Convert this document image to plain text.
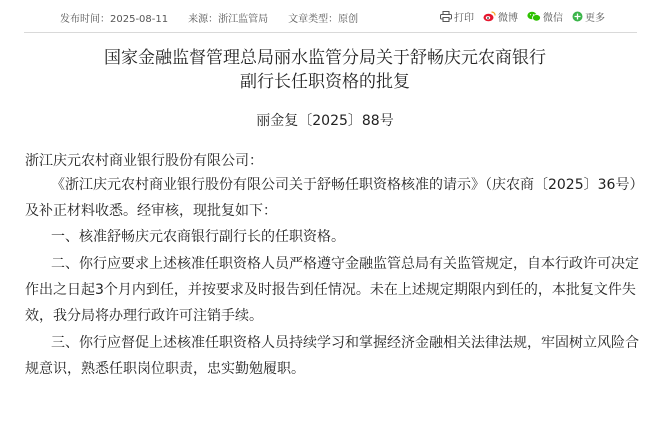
发布时间：2025-08-11 来源：浙江监管局 文章类型：原创	打印 微博	微信 更多
国家金融监督管理总局丽水监管分局关于舒畅庆元农商银行
副行长任职资格的批复
丽金复〔2025〕88号
浙江庆元农村商业银行股份有限公司：
《浙江庆元农村商业银行股份有限公司关于舒畅任职资格核准的请示》（庆农商〔2025〕36号）及补正材料收悉。经审核，现批复如下：
一、核准舒畅庆元农商银行副行长的任职资格。
二、你行应要求上述核准任职资格人员严格遵守金融监管总局有关监管规定，自本行政许可决定作出之日起3个月内到任，并按要求及时报告到任情况。未在上述规定期限内到任的，本批复文件失效，我分局将办理行政许可注销手续。
三、你行应督促上述核准任职资格人员持续学习和掌握经济金融相关法律法规，牢固树立风险合规意识，熟悉任职岗位职责，忠实勤勉履职。
